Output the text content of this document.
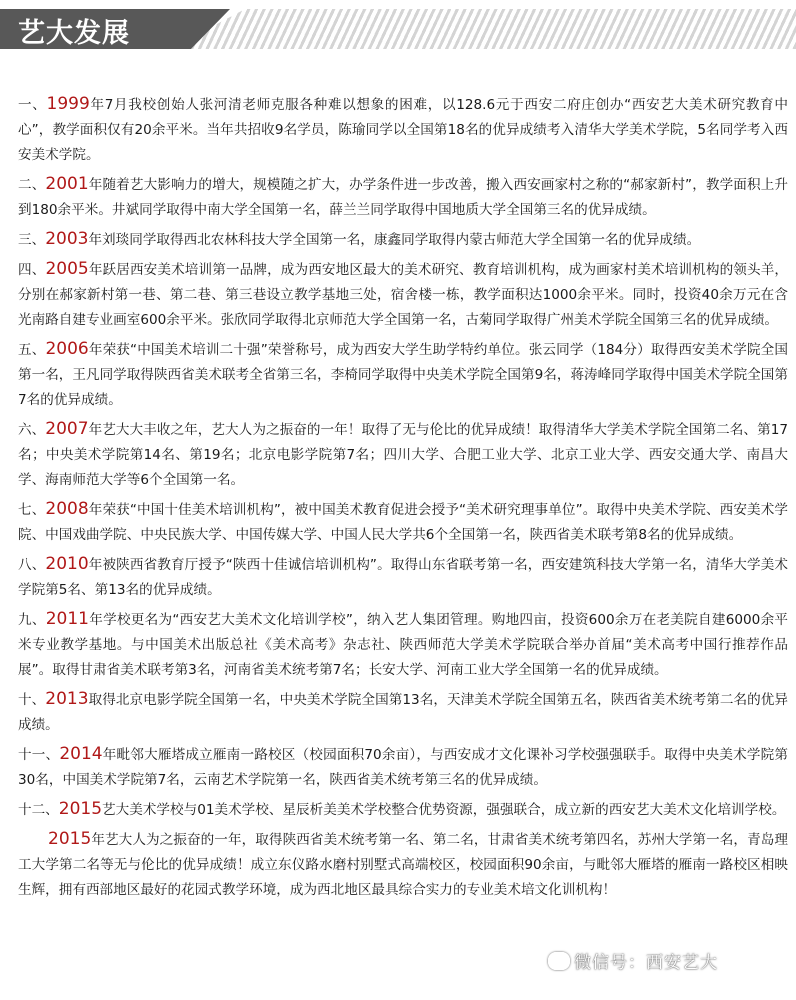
艺大发展

一、1999年7月我校创始人张河清老师克服各种难以想象的困难，以128.6元于西安二府庄创办“西安艺大美术研究教育中心”，教学面积仅有20余平米。当年共招收9名学员，陈瑜同学以全国第18名的优异成绩考入清华大学美术学院，5名同学考入西安美术学院。

二、2001年随着艺大影响力的增大，规模随之扩大，办学条件进一步改善，搬入西安画家村之称的“郝家新村”，教学面积上升到180余平米。井斌同学取得中南大学全国第一名，薛兰兰同学取得中国地质大学全国第三名的优异成绩。

三、2003年刘琰同学取得西北农林科技大学全国第一名，康鑫同学取得内蒙古师范大学全国第一名的优异成绩。

四、2005年跃居西安美术培训第一品牌，成为西安地区最大的美术研究、教育培训机构，成为画家村美术培训机构的领头羊，分别在郝家新村第一巷、第二巷、第三巷设立教学基地三处，宿舍楼一栋，教学面积达1000余平米。同时，投资40余万元在含光南路自建专业画室600余平米。张欣同学取得北京师范大学全国第一名，古菊同学取得广州美术学院全国第三名的优异成绩。

五、2006年荣获“中国美术培训二十强”荣誉称号，成为西安大学生助学特约单位。张云同学（184分）取得西安美术学院全国第一名，王凡同学取得陕西省美术联考全省第三名，李椅同学取得中央美术学院全国第9名，蒋涛峰同学取得中国美术学院全国第7名的优异成绩。

六、2007年艺大大丰收之年，艺大人为之振奋的一年！取得了无与伦比的优异成绩！取得清华大学美术学院全国第二名、第17名；中央美术学院第14名、第19名；北京电影学院第7名；四川大学、合肥工业大学、北京工业大学、西安交通大学、南昌大学、海南师范大学等6个全国第一名。

七、2008年荣获“中国十佳美术培训机构”，被中国美术教育促进会授予“美术研究理事单位”。取得中央美术学院、西安美术学院、中国戏曲学院、中央民族大学、中国传媒大学、中国人民大学共6个全国第一名，陕西省美术联考第8名的优异成绩。

八、2010年被陕西省教育厅授予“陕西十佳诚信培训机构”。取得山东省联考第一名，西安建筑科技大学第一名，清华大学美术学院第5名、第13名的优异成绩。

九、2011年学校更名为“西安艺大美术文化培训学校”，纳入艺人集团管理。购地四亩，投资600余万在老美院自建6000余平米专业教学基地。与中国美术出版总社《美术高考》杂志社、陕西师范大学美术学院联合举办首届“美术高考中国行推荐作品展”。取得甘肃省美术联考第3名，河南省美术统考第7名；长安大学、河南工业大学全国第一名的优异成绩。

十、2013取得北京电影学院全国第一名，中央美术学院全国第13名，天津美术学院全国第五名，陕西省美术统考第二名的优异成绩。

十一、2014年毗邻大雁塔成立雁南一路校区（校园面积70余亩），与西安成才文化课补习学校强强联手。取得中央美术学院第30名，中国美术学院第7名，云南艺术学院第一名，陕西省美术统考第三名的优异成绩。

十二、2015艺大美术学校与01美术学校、星辰析美美术学校整合优势资源，强强联合，成立新的西安艺大美术文化培训学校。

2015年艺大人为之振奋的一年，取得陕西省美术统考第一名、第二名，甘肃省美术统考第四名，苏州大学第一名，青岛理工大学第二名等无与伦比的优异成绩！成立东仪路水磨村别墅式高端校区，校园面积90余亩，与毗邻大雁塔的雁南一路校区相映生辉，拥有西部地区最好的花园式教学环境，成为西北地区最具综合实力的专业美术培文化训机构！

微信号：西安艺大
